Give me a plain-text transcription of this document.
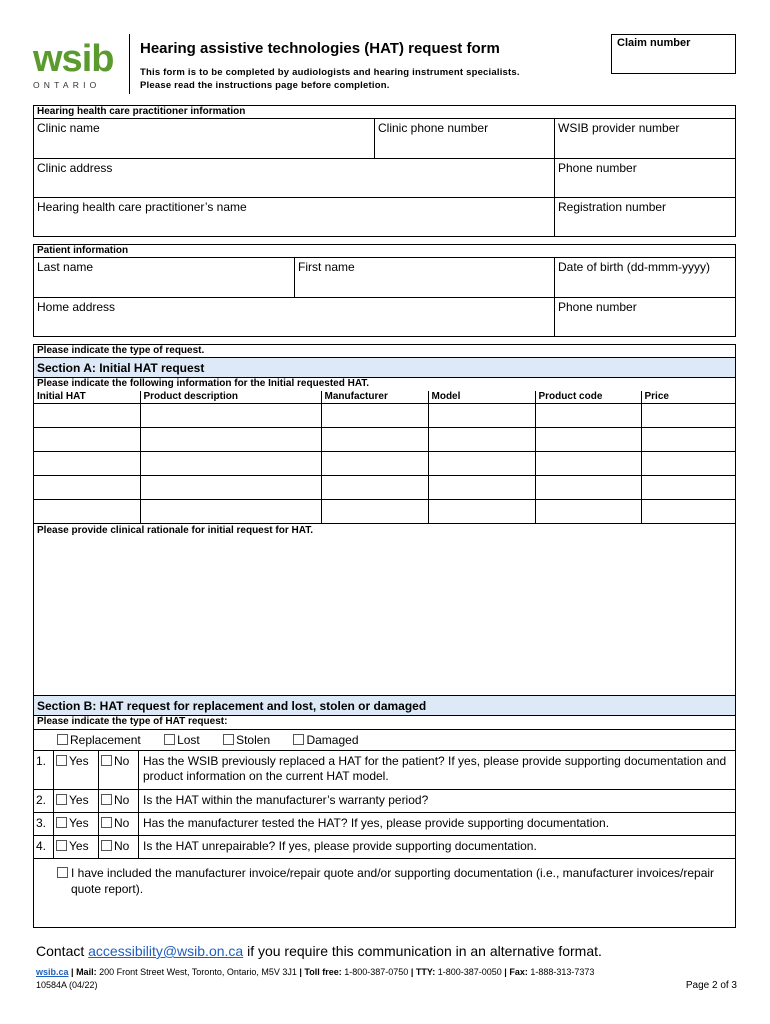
wsib
ONTARIO
Hearing assistive technologies (HAT) request form
This form is to be completed by audiologists and hearing instrument specialists.
Please read the instructions page before completion.
Claim number
Hearing health care practitioner information
Clinic name	Clinic phone number	WSIB provider number
Clinic address	Phone number
Hearing health care practitioner’s name	Registration number
Patient information
Last name	First name	Date of birth (dd-mmm-yyyy)
Home address	Phone number
Please indicate the type of request.
Section A: Initial HAT request
Please indicate the following information for the Initial requested HAT.
Initial HAT	Product description	Manufacturer	Model	Product code	Price

Please provide clinical rationale for initial request for HAT.
Section B: HAT request for replacement and lost, stolen or damaged
Please indicate the type of HAT request:
Replacement	Lost	Stolen	Damaged
1.	Yes	No	Has the WSIB previously replaced a HAT for the patient? If yes, please provide supporting documentation and product information on the current HAT model.
2.	Yes	No	Is the HAT within the manufacturer’s warranty period?
3.	Yes	No	Has the manufacturer tested the HAT? If yes, please provide supporting documentation.
4.	Yes	No	Is the HAT unrepairable? If yes, please provide supporting documentation.
I have included the manufacturer invoice/repair quote and/or supporting documentation (i.e., manufacturer invoices/repair quote report).
Contact accessibility@wsib.on.ca if you require this communication in an alternative format.
wsib.ca | Mail: 200 Front Street West, Toronto, Ontario, M5V 3J1 | Toll free: 1-800-387-0750 | TTY: 1-800-387-0050 | Fax: 1-888-313-7373
10584A (04/22)	Page 2 of 3
